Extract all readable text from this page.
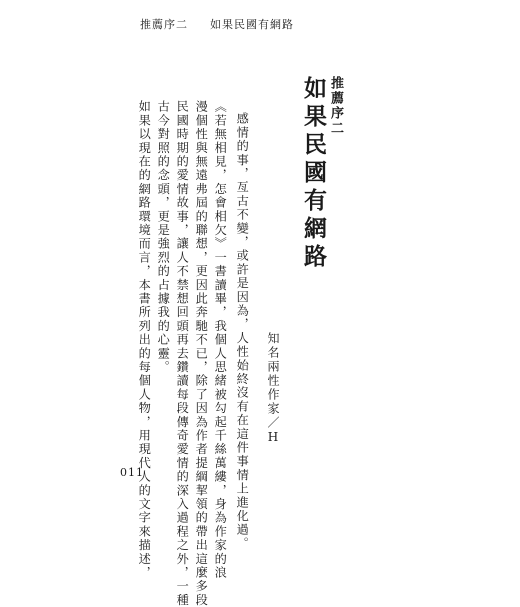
推薦序二 如果民國有網路
推薦序二
如果民國有網路
知名兩性作家／H
感情的事，亙古不變，或許是因為，人性始終沒有在這件事情上進化過。
《若無相見，怎會相欠》一書讀畢，我個人思緒被勾起千絲萬縷，身為作家的浪
漫個性與無遠弗屆的聯想，更因此奔馳不已，除了因為作者提綱挈領的帶出這麼多段
民國時期的愛情故事，讓人不禁想回頭再去鑽讀每段傳奇愛情的深入過程之外，一種
古今對照的念頭，更是強烈的占據我的心靈。
如果以現在的網路環境而言，本書所列出的每個人物，用現代人的文字來描述，
011
